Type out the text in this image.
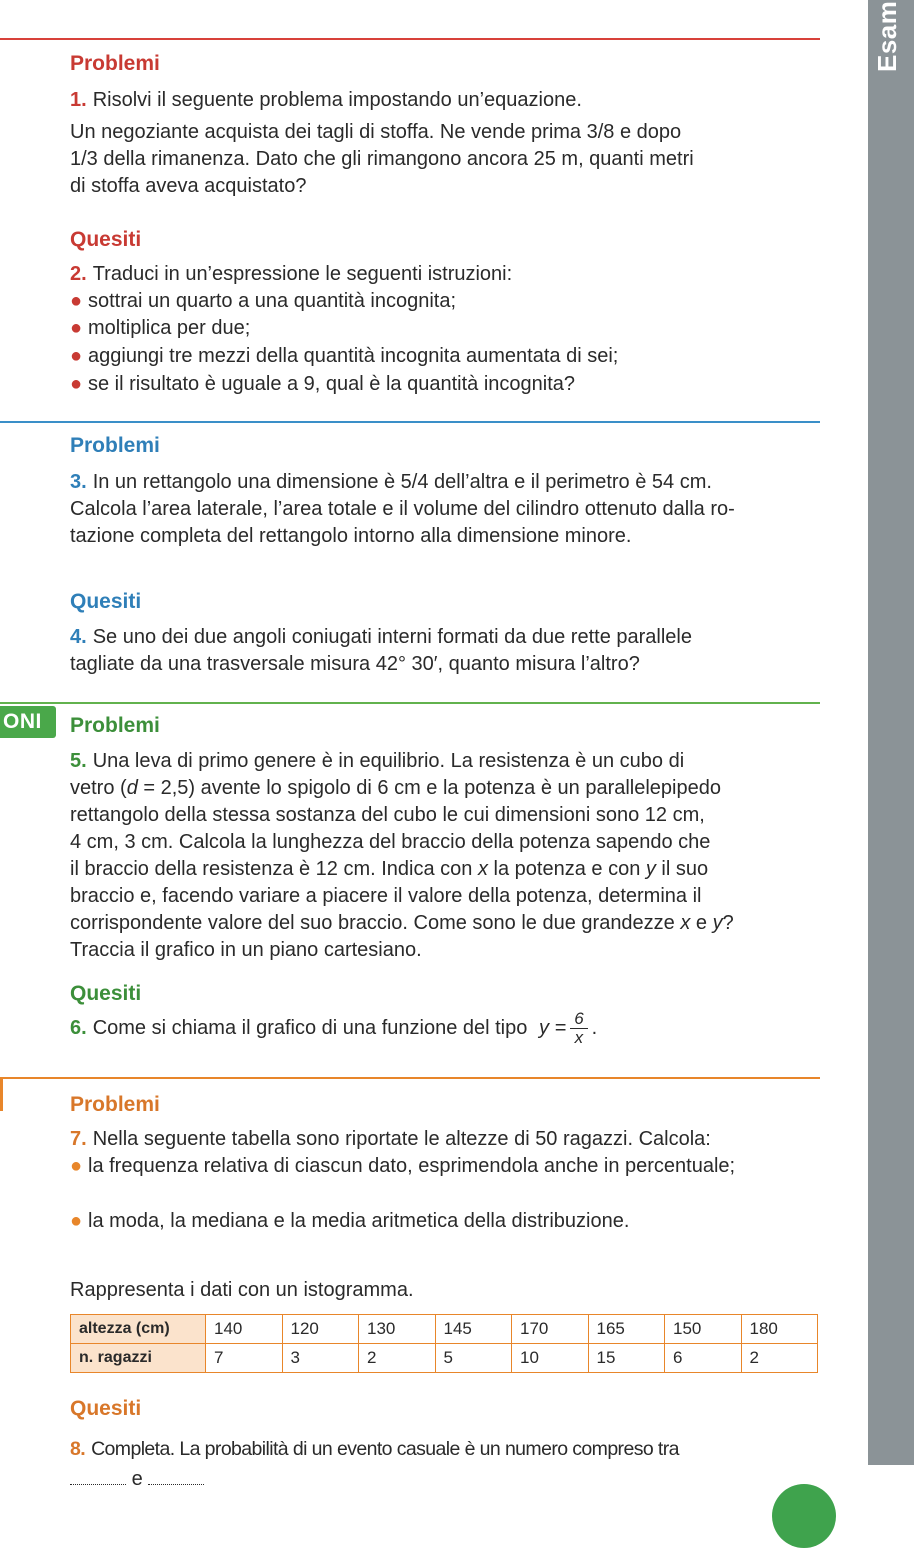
Esam
Problemi
1. Risolvi il seguente problema impostando un’equazione.
Un negoziante acquista dei tagli di stoffa. Ne vende prima 3/8 e dopo
1/3 della rimanenza. Dato che gli rimangono ancora 25 m, quanti metri
di stoffa aveva acquistato?
Quesiti
2. Traduci in un’espressione le seguenti istruzioni:
● sottrai un quarto a una quantità incognita;
● moltiplica per due;
● aggiungi tre mezzi della quantità incognita aumentata di sei;
● se il risultato è uguale a 9, qual è la quantità incognita?
Problemi
3. In un rettangolo una dimensione è 5/4 dell’altra e il perimetro è 54 cm.
Calcola l’area laterale, l’area totale e il volume del cilindro ottenuto dalla ro-
tazione completa del rettangolo intorno alla dimensione minore.
Quesiti
4. Se uno dei due angoli coniugati interni formati da due rette parallele
tagliate da una trasversale misura 42° 30′, quanto misura l’altro?
ONI	Problemi
5. Una leva di primo genere è in equilibrio. La resistenza è un cubo di
vetro (d = 2,5) avente lo spigolo di 6 cm e la potenza è un parallelepipedo
rettangolo della stessa sostanza del cubo le cui dimensioni sono 12 cm,
4 cm, 3 cm. Calcola la lunghezza del braccio della potenza sapendo che
il braccio della resistenza è 12 cm. Indica con x la potenza e con y il suo
braccio e, facendo variare a piacere il valore della potenza, determina il
corrispondente valore del suo braccio. Come sono le due grandezze x e y?
Traccia il grafico in un piano cartesiano.
Quesiti
6. Come si chiama il grafico di una funzione del tipo $y = \frac{6}{x}$ .
Problemi
7. Nella seguente tabella sono riportate le altezze di 50 ragazzi. Calcola:
● la frequenza relativa di ciascun dato, esprimendola anche in percentuale;
● la moda, la mediana e la media aritmetica della distribuzione.
Rappresenta i dati con un istogramma.
altezza (cm)	140	120	130	145	170	165	150	180
n. ragazzi	7	3	2	5	10	15	6	2
Quesiti
8. Completa. La probabilità di un evento casuale è un numero compreso tra
e
